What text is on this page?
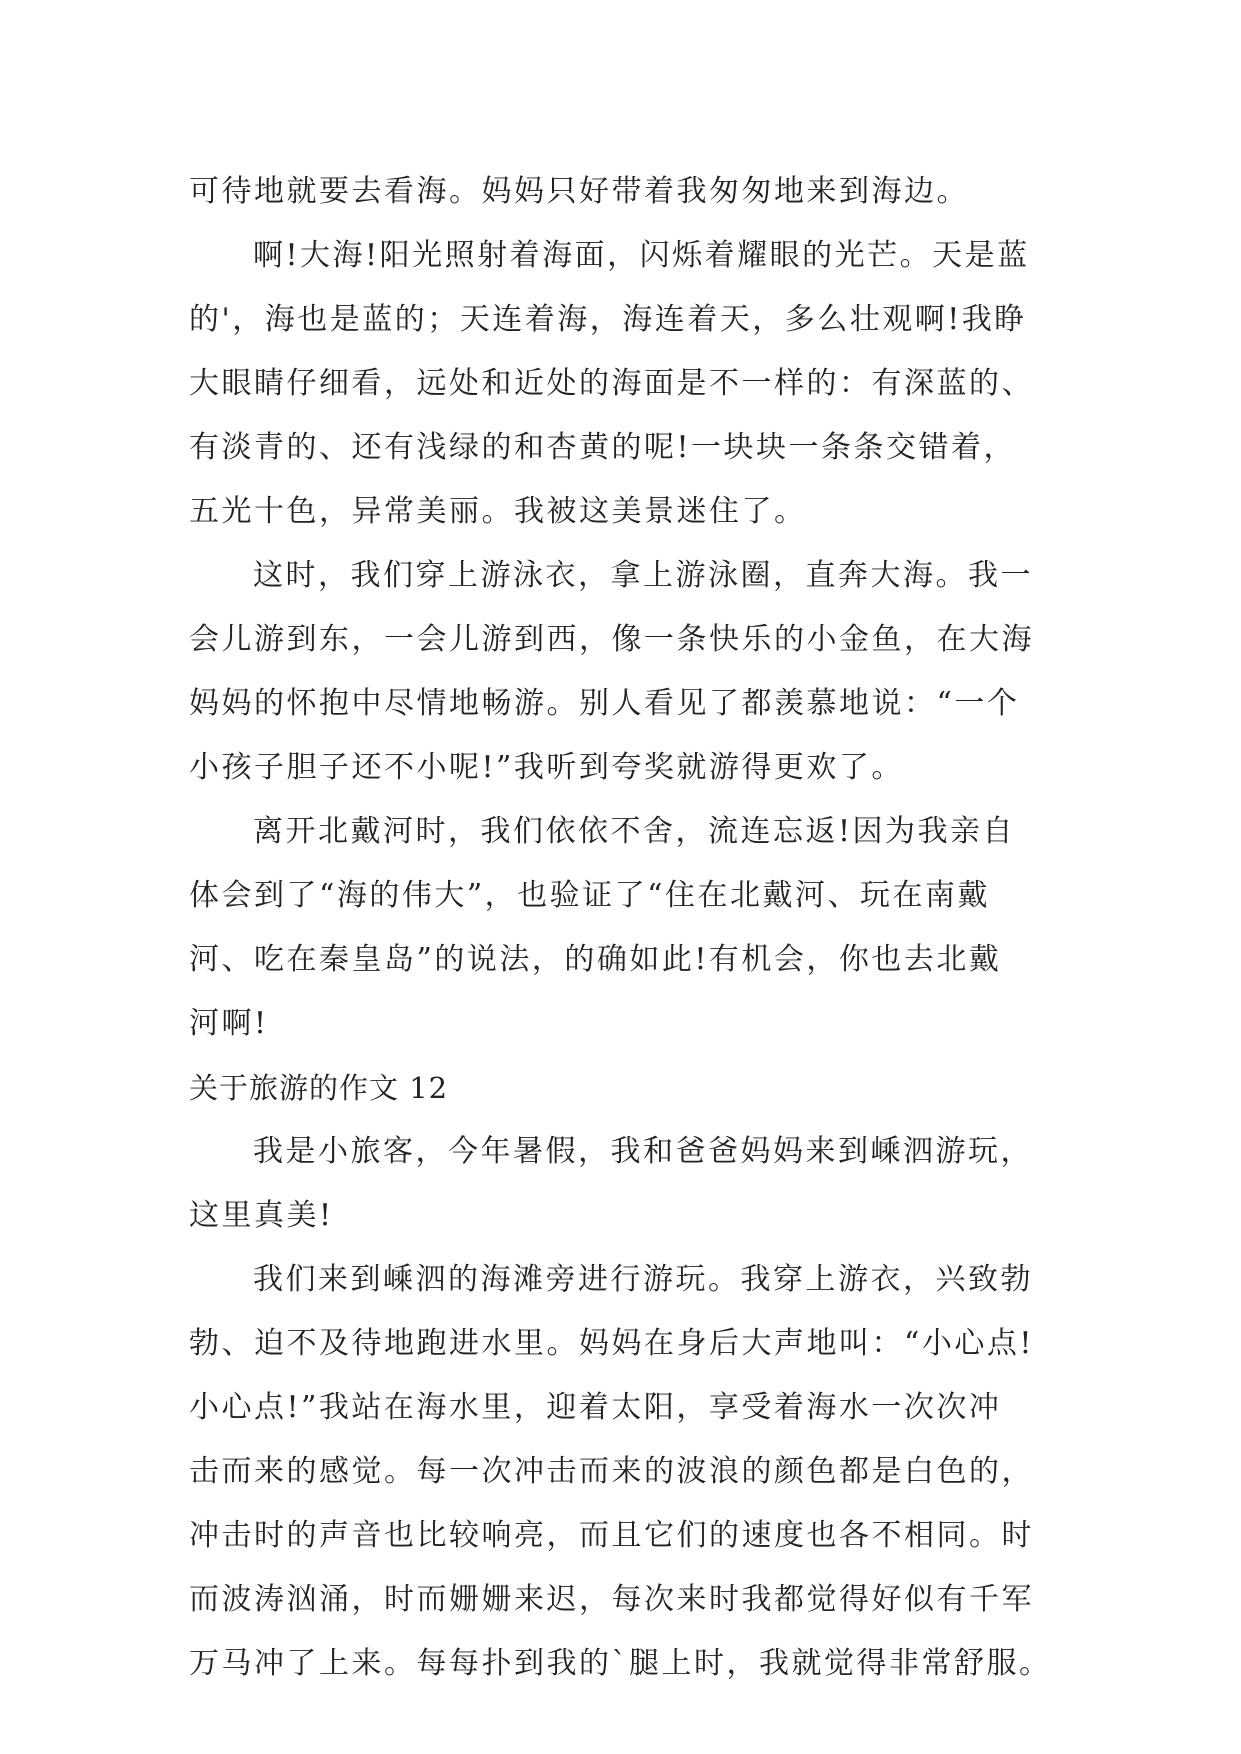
可待地就要去看海。妈妈只好带着我匆匆地来到海边。
啊!大海!阳光照射着海面，闪烁着耀眼的光芒。天是蓝
的'，海也是蓝的；天连着海，海连着天，多么壮观啊!我睁
大眼睛仔细看，远处和近处的海面是不一样的：有深蓝的、
有淡青的、还有浅绿的和杏黄的呢!一块块一条条交错着，
五光十色，异常美丽。我被这美景迷住了。
这时，我们穿上游泳衣，拿上游泳圈，直奔大海。我一
会儿游到东，一会儿游到西，像一条快乐的小金鱼，在大海
妈妈的怀抱中尽情地畅游。别人看见了都羡慕地说：“一个
小孩子胆子还不小呢!”我听到夸奖就游得更欢了。
离开北戴河时，我们依依不舍，流连忘返!因为我亲自
体会到了“海的伟大”，也验证了“住在北戴河、玩在南戴
河、吃在秦皇岛”的说法，的确如此!有机会，你也去北戴
河啊!
关于旅游的作文 12
我是小旅客，今年暑假，我和爸爸妈妈来到嵊泗游玩，
这里真美!
我们来到嵊泗的海滩旁进行游玩。我穿上游衣，兴致勃
勃、迫不及待地跑进水里。妈妈在身后大声地叫：“小心点!
小心点!”我站在海水里，迎着太阳，享受着海水一次次冲
击而来的感觉。每一次冲击而来的波浪的颜色都是白色的，
冲击时的声音也比较响亮，而且它们的速度也各不相同。时
而波涛汹涌，时而姗姗来迟，每次来时我都觉得好似有千军
万马冲了上来。每每扑到我的`腿上时，我就觉得非常舒服。
